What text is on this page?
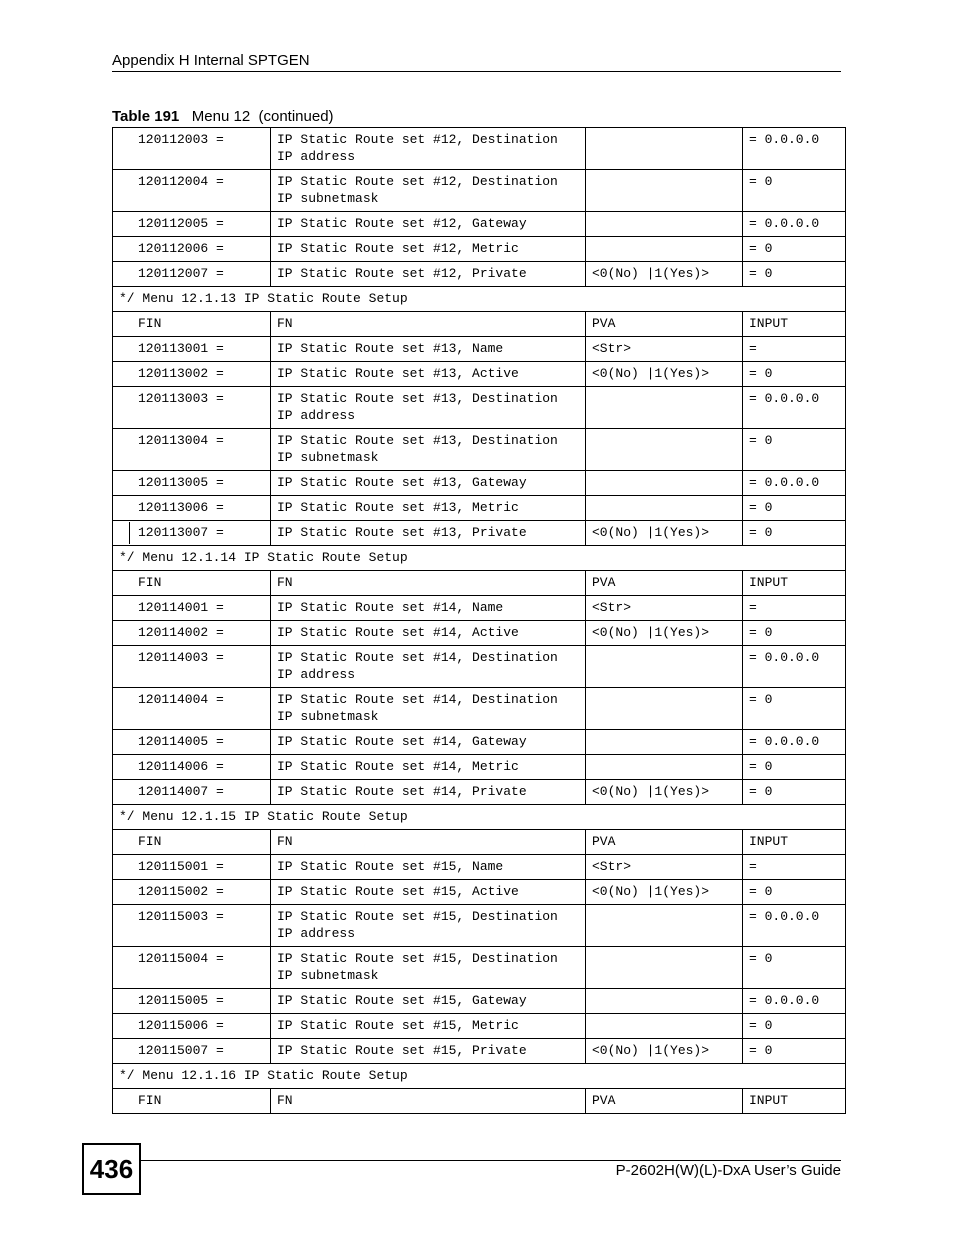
Appendix H Internal SPTGEN
Table 191 Menu 12  (continued)
120112003 =	IP Static Route set #12, Destination
IP address		= 0.0.0.0
120112004 =	IP Static Route set #12, Destination
IP subnetmask		= 0
120112005 =	IP Static Route set #12, Gateway		= 0.0.0.0
120112006 =	IP Static Route set #12, Metric		= 0
120112007 =	IP Static Route set #12, Private	<0(No) |1(Yes)>	= 0
*/ Menu 12.1.13 IP Static Route Setup			
FIN	FN	PVA	INPUT
120113001 =	IP Static Route set #13, Name	<Str>	=
120113002 =	IP Static Route set #13, Active	<0(No) |1(Yes)>	= 0
120113003 =	IP Static Route set #13, Destination
IP address		= 0.0.0.0
120113004 =	IP Static Route set #13, Destination
IP subnetmask		= 0
120113005 =	IP Static Route set #13, Gateway		= 0.0.0.0
120113006 =	IP Static Route set #13, Metric		= 0
120113007 =	IP Static Route set #13, Private	<0(No) |1(Yes)>	= 0
*/ Menu 12.1.14 IP Static Route Setup			
FIN	FN	PVA	INPUT
120114001 =	IP Static Route set #14, Name	<Str>	=
120114002 =	IP Static Route set #14, Active	<0(No) |1(Yes)>	= 0
120114003 =	IP Static Route set #14, Destination
IP address		= 0.0.0.0
120114004 =	IP Static Route set #14, Destination
IP subnetmask		= 0
120114005 =	IP Static Route set #14, Gateway		= 0.0.0.0
120114006 =	IP Static Route set #14, Metric		= 0
120114007 =	IP Static Route set #14, Private	<0(No) |1(Yes)>	= 0
*/ Menu 12.1.15 IP Static Route Setup			
FIN	FN	PVA	INPUT
120115001 =	IP Static Route set #15, Name	<Str>	=
120115002 =	IP Static Route set #15, Active	<0(No) |1(Yes)>	= 0
120115003 =	IP Static Route set #15, Destination
IP address		= 0.0.0.0
120115004 =	IP Static Route set #15, Destination
IP subnetmask		= 0
120115005 =	IP Static Route set #15, Gateway		= 0.0.0.0
120115006 =	IP Static Route set #15, Metric		= 0
120115007 =	IP Static Route set #15, Private	<0(No) |1(Yes)>	= 0
*/ Menu 12.1.16 IP Static Route Setup			
FIN	FN	PVA	INPUT
436	P-2602H(W)(L)-DxA User’s Guide
